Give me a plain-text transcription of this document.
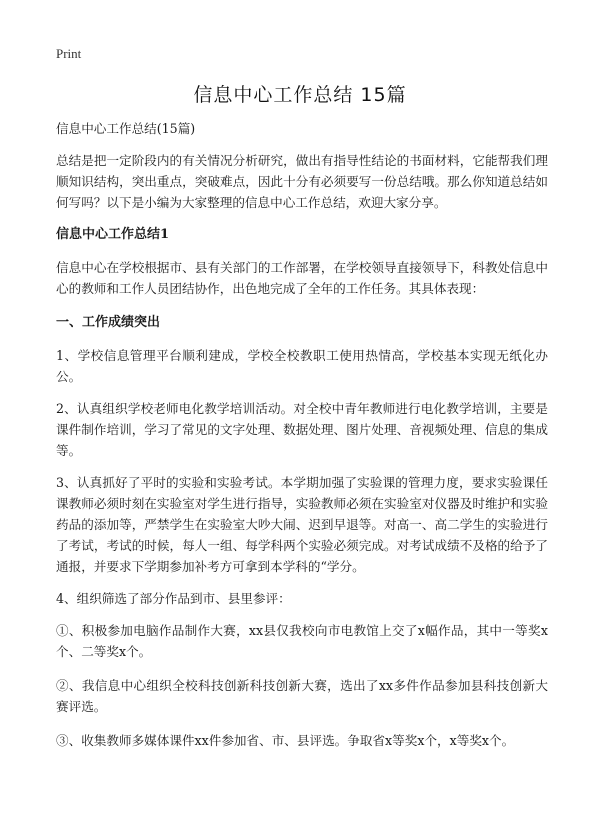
Print
信息中心工作总结 15篇

信息中心工作总结(15篇)

总结是把一定阶段内的有关情况分析研究，做出有指导性结论的书面材料，它能帮我们理顺知识结构，突出重点，突破难点，因此十分有必须要写一份总结哦。那么你知道总结如何写吗？以下是小编为大家整理的信息中心工作总结，欢迎大家分享。

信息中心工作总结1

信息中心在学校根据市、县有关部门的工作部署，在学校领导直接领导下，科教处信息中心的教师和工作人员团结协作，出色地完成了全年的工作任务。其具体表现：

一、工作成绩突出

1、学校信息管理平台顺利建成，学校全校教职工使用热情高，学校基本实现无纸化办公。

2、认真组织学校老师电化教学培训活动。对全校中青年教师进行电化教学培训，主要是课件制作培训，学习了常见的文字处理、数据处理、图片处理、音视频处理、信息的集成等。

3、认真抓好了平时的实验和实验考试。本学期加强了实验课的管理力度，要求实验课任课教师必须时刻在实验室对学生进行指导，实验教师必须在实验室对仪器及时维护和实验药品的添加等，严禁学生在实验室大吵大闹、迟到早退等。对高一、高二学生的实验进行了考试，考试的时候，每人一组、每学科两个实验必须完成。对考试成绩不及格的给予了通报，并要求下学期参加补考方可拿到本学科的“学分。

4、组织筛选了部分作品到市、县里参评：

①、积极参加电脑作品制作大赛，xx县仅我校向市电教馆上交了x幅作品，其中一等奖x个、二等奖x个。

②、我信息中心组织全校科技创新科技创新大赛，选出了xx多件作品参加县科技创新大赛评选。

③、收集教师多媒体课件xx件参加省、市、县评选。争取省x等奖x个，x等奖x个。
